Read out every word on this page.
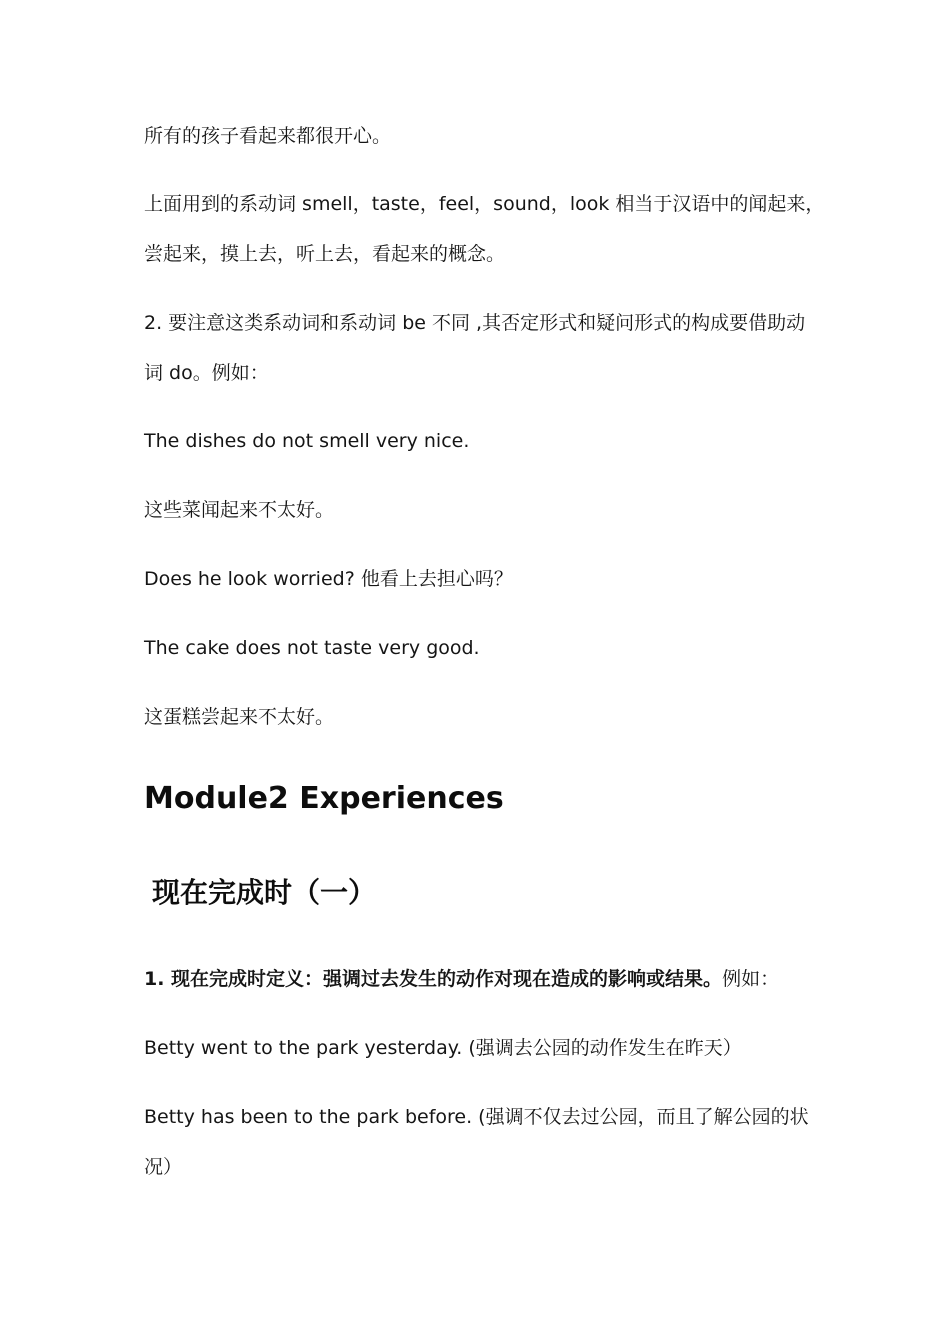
所有的孩子看起来都很开心。
上面用到的系动词 smell，taste，feel，sound，look 相当于汉语中的闻起来，
尝起来，摸上去，听上去，看起来的概念。
2. 要注意这类系动词和系动词 be 不同 ,其否定形式和疑问形式的构成要借助动
词 do。例如：
The dishes do not smell very nice.
这些菜闻起来不太好。
Does he look worried? 他看上去担心吗？
The cake does not taste very good.
这蛋糕尝起来不太好。
Module2 Experiences
现在完成时（一）
1. 现在完成时定义：强调过去发生的动作对现在造成的影响或结果。例如：
Betty went to the park yesterday. (强调去公园的动作发生在昨天）
Betty has been to the park before. (强调不仅去过公园，而且了解公园的状
况）
